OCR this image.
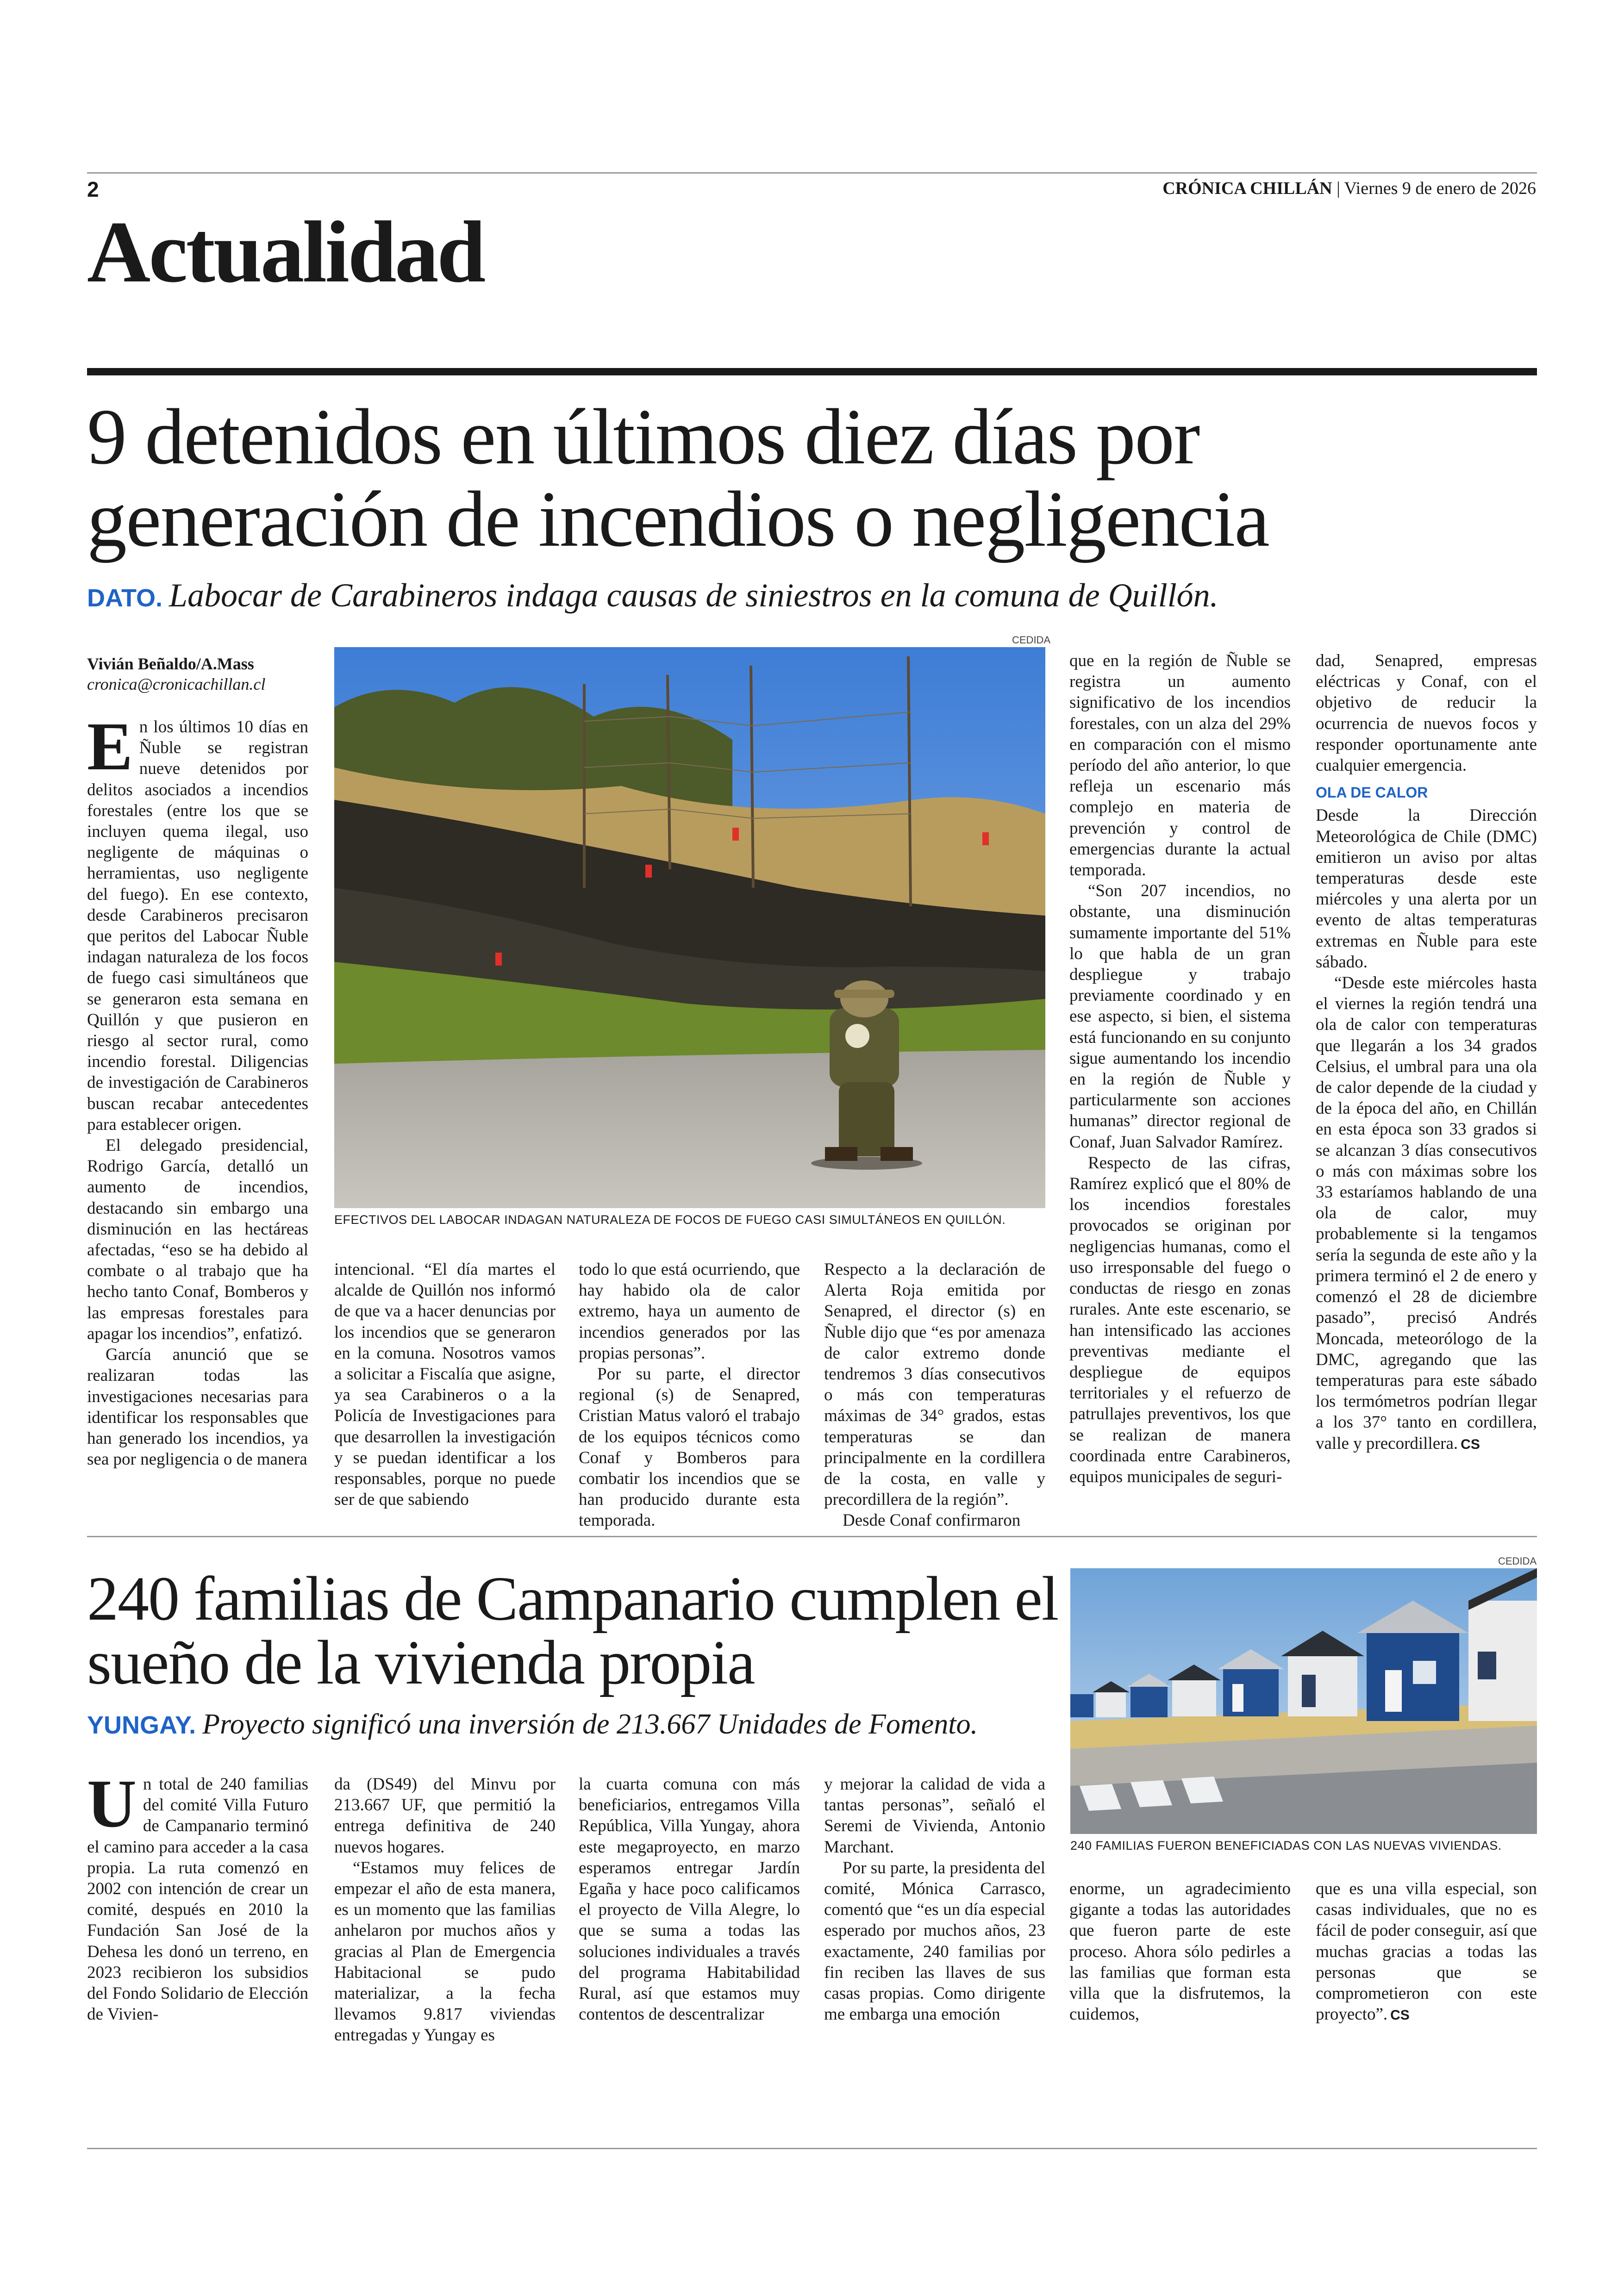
2	CRÓNICA CHILLÁN | Viernes 9 de enero de 2026
Actualidad
9 detenidos en últimos diez días por generación de incendios o negligencia
DATO. Labocar de Carabineros indaga causas de siniestros en la comuna de Quillón.
Vivián Beñaldo/A.Mass
cronica@cronicachillan.cl

En los últimos 10 días en Ñuble se registran nueve detenidos por delitos asociados a incendios forestales (entre los que se incluyen quema ilegal, uso negligente de máquinas o herramientas, uso negligente del fuego). En ese contexto, desde Carabineros precisaron que peritos del Labocar Ñuble indagan naturaleza de los focos de fuego casi simultáneos que se generaron esta semana en Quillón y que pusieron en riesgo al sector rural, como incendio forestal. Diligencias de investigación de Carabineros buscan recabar antecedentes para establecer origen.

El delegado presidencial, Rodrigo García, detalló un aumento de incendios, destacando sin embargo una disminución en las hectáreas afectadas, “eso se ha debido al combate o al trabajo que ha hecho tanto Conaf, Bomberos y las empresas forestales para apagar los incendios”, enfatizó.

García anunció que se realizaran todas las investigaciones necesarias para identificar los responsables que han generado los incendios, ya sea por negligencia o de manera

CEDIDA
EFECTIVOS DEL LABOCAR INDAGAN NATURALEZA DE FOCOS DE FUEGO CASI SIMULTÁNEOS EN QUILLÓN.

intencional. “El día martes el alcalde de Quillón nos informó de que va a hacer denuncias por los incendios que se generaron en la comuna. Nosotros vamos a solicitar a Fiscalía que asigne, ya sea Carabineros o a la Policía de Investigaciones para que desarrollen la investigación y se puedan identificar a los responsables, porque no puede ser de que sabiendo

todo lo que está ocurriendo, que hay habido ola de calor extremo, haya un aumento de incendios generados por las propias personas”.

Por su parte, el director regional (s) de Senapred, Cristian Matus valoró el trabajo de los equipos técnicos como Conaf y Bomberos para combatir los incendios que se han producido durante esta temporada.

Respecto a la declaración de Alerta Roja emitida por Senapred, el director (s) en Ñuble dijo que “es por amenaza de calor extremo donde tendremos 3 días consecutivos o más con temperaturas máximas de 34° grados, estas temperaturas se dan principalmente en la cordillera de la costa, en valle y precordillera de la región”.

Desde Conaf confirmaron

que en la región de Ñuble se registra un aumento significativo de los incendios forestales, con un alza del 29% en comparación con el mismo período del año anterior, lo que refleja un escenario más complejo en materia de prevención y control de emergencias durante la actual temporada.

“Son 207 incendios, no obstante, una disminución sumamente importante del 51% lo que habla de un gran despliegue y trabajo previamente coordinado y en ese aspecto, si bien, el sistema está funcionando en su conjunto sigue aumentando los incendio en la región de Ñuble y particularmente son acciones humanas” director regional de Conaf, Juan Salvador Ramírez.

Respecto de las cifras, Ramírez explicó que el 80% de los incendios forestales provocados se originan por negligencias humanas, como el uso irresponsable del fuego o conductas de riesgo en zonas rurales. Ante este escenario, se han intensificado las acciones preventivas mediante el despliegue de equipos territoriales y el refuerzo de patrullajes preventivos, los que se realizan de manera coordinada entre Carabineros, equipos municipales de seguri-

dad, Senapred, empresas eléctricas y Conaf, con el objetivo de reducir la ocurrencia de nuevos focos y responder oportunamente ante cualquier emergencia.

OLA DE CALOR

Desde la Dirección Meteorológica de Chile (DMC) emitieron un aviso por altas temperaturas desde este miércoles y una alerta por un evento de altas temperaturas extremas en Ñuble para este sábado.

“Desde este miércoles hasta el viernes la región tendrá una ola de calor con temperaturas que llegarán a los 34 grados Celsius, el umbral para una ola de calor depende de la ciudad y de la época del año, en Chillán en esta época son 33 grados si se alcanzan 3 días consecutivos o más con máximas sobre los 33 estaríamos hablando de una ola de calor, muy probablemente si la tengamos sería la segunda de este año y la primera terminó el 2 de enero y comenzó el 28 de diciembre pasado”, precisó Andrés Moncada, meteorólogo de la DMC, agregando que las temperaturas para este sábado los termómetros podrían llegar a los 37° tanto en cordillera, valle y precordillera. CS

240 familias de Campanario cumplen el sueño de la vivienda propia
YUNGAY. Proyecto significó una inversión de 213.667 Unidades de Fomento.
CEDIDA
240 FAMILIAS FUERON BENEFICIADAS CON LAS NUEVAS VIVIENDAS.

Un total de 240 familias del comité Villa Futuro de Campanario terminó el camino para acceder a la casa propia. La ruta comenzó en 2002 con intención de crear un comité, después en 2010 la Fundación San José de la Dehesa les donó un terreno, en 2023 recibieron los subsidios del Fondo Solidario de Elección de Vivien-

da (DS49) del Minvu por 213.667 UF, que permitió la entrega definitiva de 240 nuevos hogares.

“Estamos muy felices de empezar el año de esta manera, es un momento que las familias anhelaron por muchos años y gracias al Plan de Emergencia Habitacional se pudo materializar, a la fecha llevamos 9.817 viviendas entregadas y Yungay es

la cuarta comuna con más beneficiarios, entregamos Villa República, Villa Yungay, ahora este megaproyecto, en marzo esperamos entregar Jardín Egaña y hace poco calificamos el proyecto de Villa Alegre, lo que se suma a todas las soluciones individuales a través del programa Habitabilidad Rural, así que estamos muy contentos de descentralizar

y mejorar la calidad de vida a tantas personas”, señaló el Seremi de Vivienda, Antonio Marchant.

Por su parte, la presidenta del comité, Mónica Carrasco, comentó que “es un día especial esperado por muchos años, 23 exactamente, 240 familias por fin reciben las llaves de sus casas propias. Como dirigente me embarga una emoción

enorme, un agradecimiento gigante a todas las autoridades que fueron parte de este proceso. Ahora sólo pedirles a las familias que forman esta villa que la disfrutemos, la cuidemos,

que es una villa especial, son casas individuales, que no es fácil de poder conseguir, así que muchas gracias a todas las personas que se comprometieron con este proyecto”. CS
